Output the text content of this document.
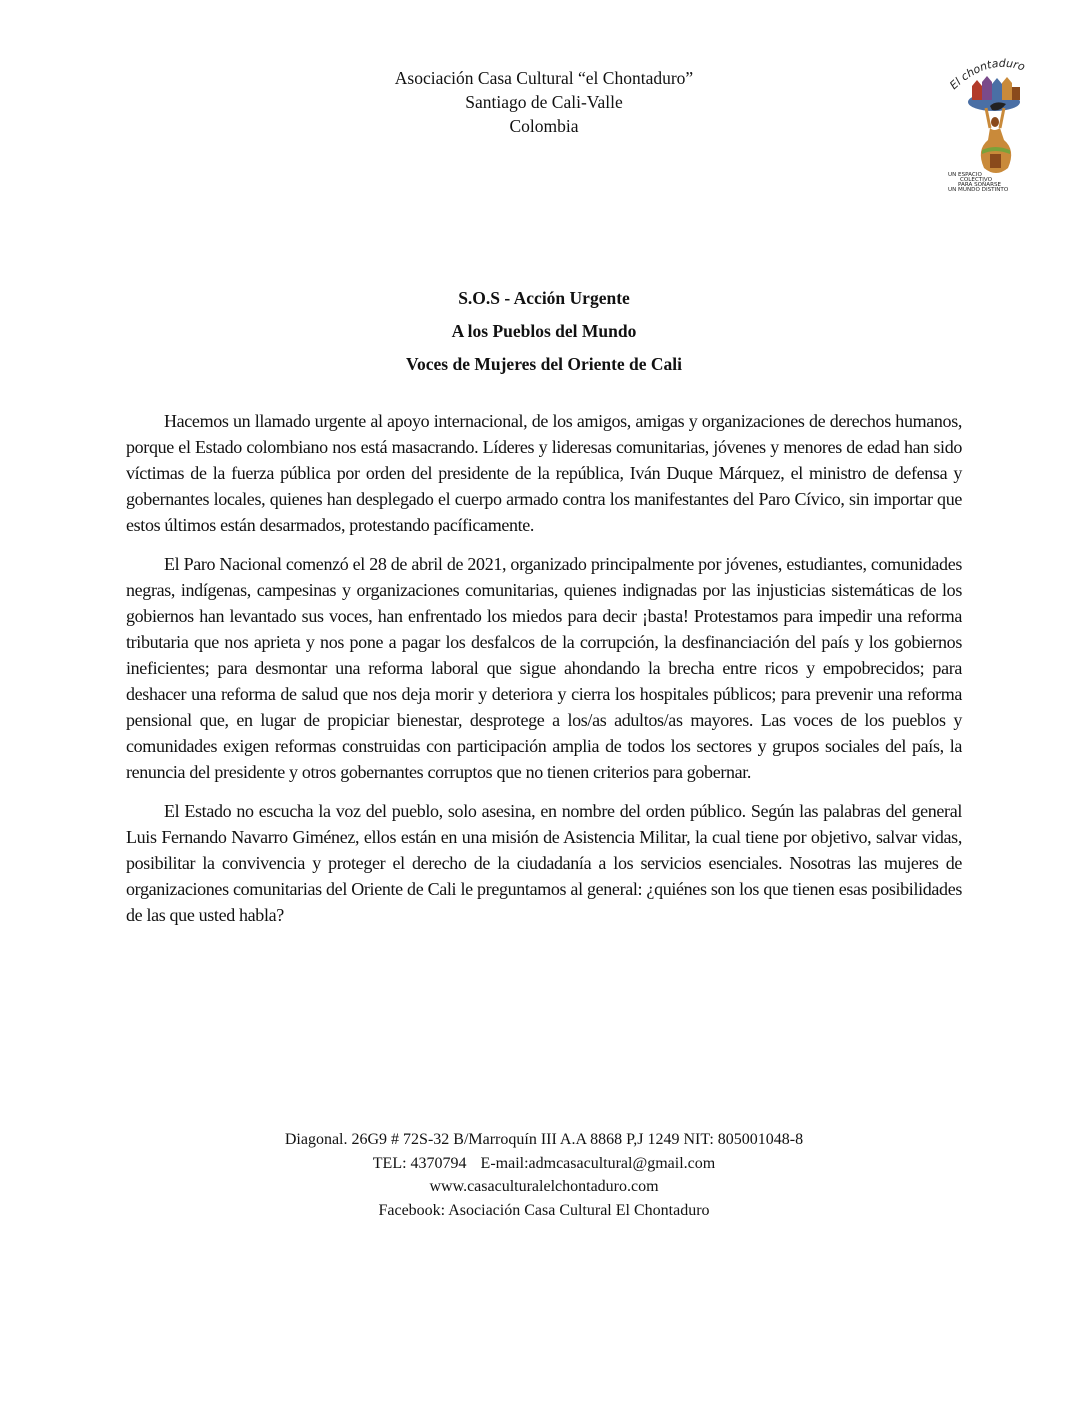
Asociación Casa Cultural “el Chontaduro”
Santiago de Cali-Valle
Colombia
El chontaduro
UN ESPACIO COLECTIVO PARA SOÑARSE UN MUNDO DISTINTO
S.O.S - Acción Urgente
A los Pueblos del Mundo
Voces de Mujeres del Oriente de Cali

Hacemos un llamado urgente al apoyo internacional, de los amigos, amigas y organizaciones de derechos humanos, porque el Estado colombiano nos está masacrando. Líderes y lideresas comunitarias, jóvenes y menores de edad han sido víctimas de la fuerza pública por orden del presidente de la república, Iván Duque Márquez, el ministro de defensa y gobernantes locales, quienes han desplegado el cuerpo armado contra los manifestantes del Paro Cívico, sin importar que estos últimos están desarmados, protestando pacíficamente.

El Paro Nacional comenzó el 28 de abril de 2021, organizado principalmente por jóvenes, estudiantes, comunidades negras, indígenas, campesinas y organizaciones comunitarias, quienes indignadas por las injusticias sistemáticas de los gobiernos han levantado sus voces, han enfrentado los miedos para decir ¡basta! Protestamos para impedir una reforma tributaria que nos aprieta y nos pone a pagar los desfalcos de la corrupción, la desfinanciación del país y los gobiernos ineficientes; para desmontar una reforma laboral que sigue ahondando la brecha entre ricos y empobrecidos; para deshacer una reforma de salud que nos deja morir y deteriora y cierra los hospitales públicos; para prevenir una reforma pensional que, en lugar de propiciar bienestar, desprotege a los/as adultos/as mayores. Las voces de los pueblos y comunidades exigen reformas construidas con participación amplia de todos los sectores y grupos sociales del país, la renuncia del presidente y otros gobernantes corruptos que no tienen criterios para gobernar.

El Estado no escucha la voz del pueblo, solo asesina, en nombre del orden público. Según las palabras del general Luis Fernando Navarro Giménez, ellos están en una misión de Asistencia Militar, la cual tiene por objetivo, salvar vidas, posibilitar la convivencia y proteger el derecho de la ciudadanía a los servicios esenciales. Nosotras las mujeres de organizaciones comunitarias del Oriente de Cali le preguntamos al general: ¿quiénes son los que tienen esas posibilidades de las que usted habla?

Diagonal. 26G9 # 72S-32 B/Marroquín III A.A 8868 P,J 1249 NIT: 805001048-8
TEL: 4370794 E-mail:admcasacultural@gmail.com
www.casaculturalelchontaduro.com
Facebook: Asociación Casa Cultural El Chontaduro
